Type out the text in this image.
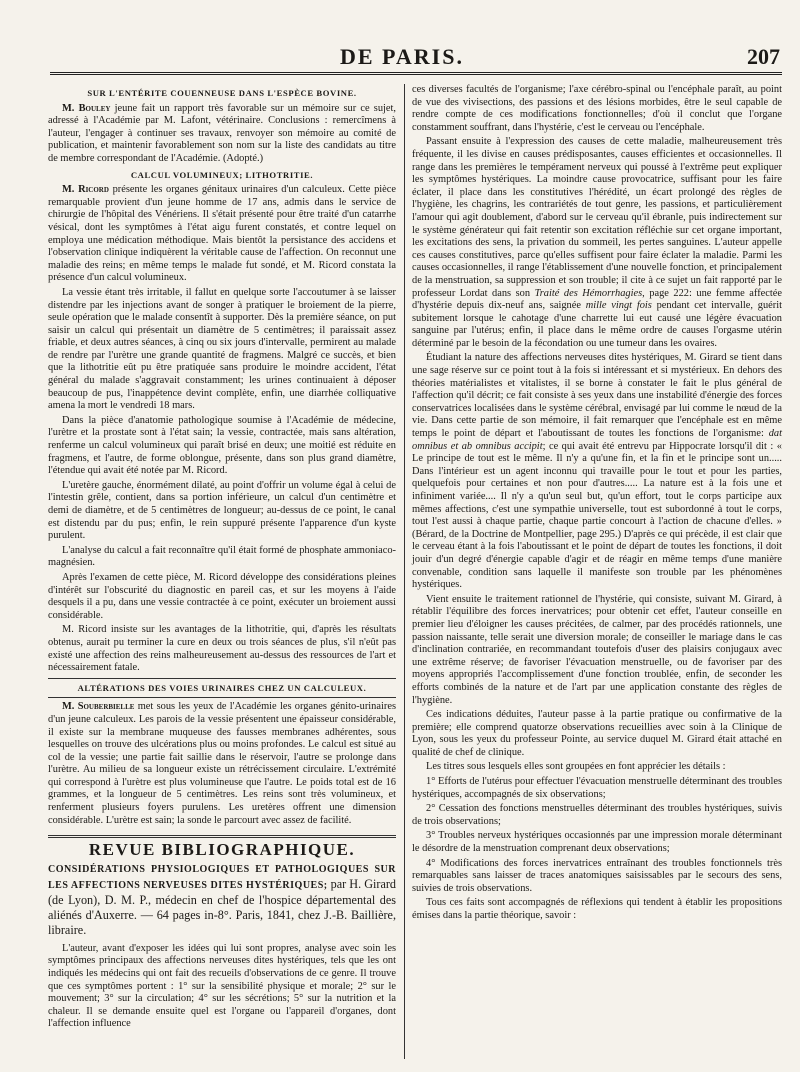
DE PARIS.	207
SUR L'ENTÉRITE COUENNEUSE DANS L'ESPÈCE BOVINE.

M. Bouley jeune fait un rapport très favorable sur un mémoire sur ce sujet, adressé à l'Académie par M. Lafont, vétérinaire. Conclusions : remercîmens à l'auteur, l'engager à continuer ses travaux, renvoyer son mémoire au comité de publication, et maintenir favorablement son nom sur la liste des candidats au titre de membre correspondant de l'Académie. (Adopté.)

CALCUL VOLUMINEUX; LITHOTRITIE.

M. Ricord présente les organes génitaux urinaires d'un calculeux. Cette pièce remarquable provient d'un jeune homme de 17 ans, admis dans le service de chirurgie de l'hôpital des Vénériens. Il s'était présenté pour être traité d'un catarrhe vésical, dont les symptômes à l'état aigu furent constatés, et contre lequel on employa une médication méthodique. Mais bientôt la persistance des accidens et l'observation clinique indiquèrent la véritable cause de l'affection. On reconnut une maladie des reins; en même temps le malade fut sondé, et M. Ricord constata la présence d'un calcul volumineux.

La vessie étant très irritable, il fallut en quelque sorte l'accoutumer à se laisser distendre par les injections avant de songer à pratiquer le broiement de la pierre, seule opération que le malade consentît à supporter. Dès la première séance, on put saisir un calcul qui présentait un diamètre de 5 centimètres; il paraissait assez friable, et deux autres séances, à cinq ou six jours d'intervalle, permirent au malade de rendre par l'urètre une grande quantité de fragmens. Malgré ce succès, et bien que la lithotritie eût pu être pratiquée sans produire le moindre accident, l'état général du malade s'aggravait constamment; les urines continuaient à déposer beaucoup de pus, l'inappétence devint complète, enfin, une diarrhée colliquative amena la mort le vendredi 18 mars.

Dans la pièce d'anatomie pathologique soumise à l'Académie de médecine, l'urètre et la prostate sont à l'état sain; la vessie, contractée, mais sans altération, renferme un calcul volumineux qui paraît brisé en deux; une moitié est réduite en fragmens, et l'autre, de forme oblongue, présente, dans son plus grand diamètre, l'étendue qui avait été notée par M. Ricord.

L'uretère gauche, énormément dilaté, au point d'offrir un volume égal à celui de l'intestin grêle, contient, dans sa portion inférieure, un calcul d'un centimètre et demi de diamètre, et de 5 centimètres de longueur; au-dessus de ce point, le canal est distendu par du pus; enfin, le rein suppuré présente l'apparence d'un kyste purulent.

L'analyse du calcul a fait reconnaître qu'il était formé de phosphate ammoniaco-magnésien.

Après l'examen de cette pièce, M. Ricord développe des considérations pleines d'intérêt sur l'obscurité du diagnostic en pareil cas, et sur les moyens à l'aide desquels il a pu, dans une vessie contractée à ce point, exécuter un broiement aussi considérable.

M. Ricord insiste sur les avantages de la lithotritie, qui, d'après les résultats obtenus, aurait pu terminer la cure en deux ou trois séances de plus, s'il n'eût pas existé une affection des reins malheureusement au-dessus des ressources de l'art et nécessairement fatale.

ALTÉRATIONS DES VOIES URINAIRES CHEZ UN CALCULEUX.

M. Souberbielle met sous les yeux de l'Académie les organes génito-urinaires d'un jeune calculeux. Les parois de la vessie présentent une épaisseur considérable, il existe sur la membrane muqueuse des fausses membranes adhérentes, sous lesquelles on trouve des ulcérations plus ou moins profondes. Le calcul est situé au col de la vessie; une partie fait saillie dans le réservoir, l'autre se prolonge dans l'urètre. Au milieu de sa longueur existe un rétrécissement circulaire. L'extrémité qui correspond à l'urètre est plus volumineuse que l'autre. Le poids total est de 16 grammes, et la longueur de 5 centimètres. Les reins sont très volumineux, et renferment plusieurs foyers purulens. Les uretères offrent une dimension considérable. L'urètre est sain; la sonde le parcourt avec assez de facilité.

REVUE BIBLIOGRAPHIQUE.
CONSIDÉRATIONS PHYSIOLOGIQUES ET PATHOLOGIQUES SUR LES AFFECTIONS NERVEUSES DITES HYSTÉRIQUES; par H. Girard (de Lyon), D. M. P., médecin en chef de l'hospice départemental des aliénés d'Auxerre. — 64 pages in-8°. Paris, 1841, chez J.-B. Baillière, libraire.

L'auteur, avant d'exposer les idées qui lui sont propres, analyse avec soin les symptômes principaux des affections nerveuses dites hystériques, tels que les ont indiqués les médecins qui ont fait des recueils d'observations de ce genre. Il trouve que ces symptômes portent : 1° sur la sensibilité physique et morale; 2° sur le mouvement; 3° sur la circulation; 4° sur les sécrétions; 5° sur la nutrition et la chaleur. Il se demande ensuite quel est l'organe ou l'appareil d'organes, dont l'affection influence

ces diverses facultés de l'organisme; l'axe cérébro-spinal ou l'encéphale paraît, au point de vue des vivisections, des passions et des lésions morbides, être le seul capable de rendre compte de ces modifications fonctionnelles; d'où il conclut que l'organe constamment souffrant, dans l'hystérie, c'est le cerveau ou l'encéphale.

Passant ensuite à l'expression des causes de cette maladie, malheureusement très fréquente, il les divise en causes prédisposantes, causes efficientes et occasionnelles. Il range dans les premières le tempérament nerveux qui poussé à l'extrême peut expliquer les symptômes hystériques. La moindre cause provocatrice, suffisant pour les faire éclater, il place dans les constitutives l'hérédité, un écart prolongé des règles de l'hygiène, les chagrins, les contrariétés de tout genre, les passions, et particulièrement l'amour qui agit doublement, d'abord sur le cerveau qu'il ébranle, puis indirectement sur le système générateur qui fait retentir son excitation réfléchie sur cet organe important, les excitations des sens, la privation du sommeil, les pertes sanguines. L'auteur appelle ces causes constitutives, parce qu'elles suffisent pour faire éclater la maladie. Parmi les causes occasionnelles, il range l'établissement d'une nouvelle fonction, et principalement de la menstruation, sa suppression et son trouble; il cite à ce sujet un fait rapporté par le professeur Lordat dans son Traité des Hémorrhagies, page 222: une femme affectée d'hystérie depuis dix-neuf ans, saignée mille vingt fois pendant cet intervalle, guérit subitement lorsque le cahotage d'une charrette lui eut causé une légère évacuation sanguine par l'utérus; enfin, il place dans le même ordre de causes l'orgasme utérin déterminé par le besoin de la fécondation ou une tumeur dans les ovaires.

Étudiant la nature des affections nerveuses dites hystériques, M. Girard se tient dans une sage réserve sur ce point tout à la fois si intéressant et si mystérieux. En dehors des théories matérialistes et vitalistes, il se borne à constater le fait le plus général de l'affection qu'il décrit; ce fait consiste à ses yeux dans une instabilité d'énergie des forces conservatrices localisées dans le système cérébral, envisagé par lui comme le nœud de la vie. Dans cette partie de son mémoire, il fait remarquer que l'encéphale est en même temps le point de départ et l'aboutissant de toutes les fonctions de l'organisme: dat omnibus et ab omnibus accipit; ce qui avait été entrevu par Hippocrate lorsqu'il dit : « Le principe de tout est le même. Il n'y a qu'une fin, et la fin et le principe sont un..... Dans l'intérieur est un agent inconnu qui travaille pour le tout et pour les parties, quelquefois pour certaines et non pour d'autres..... La nature est à la fois une et infiniment variée.... Il n'y a qu'un seul but, qu'un effort, tout le corps participe aux mêmes affections, c'est une sympathie universelle, tout est subordonné à tout le corps, tout l'est aussi à chaque partie, chaque partie concourt à l'action de chacune d'elles. » (Bérard, de la Doctrine de Montpellier, page 295.) D'après ce qui précède, il est clair que le cerveau étant à la fois l'aboutissant et le point de départ de toutes les fonctions, il doit jouir d'un degré d'énergie capable d'agir et de réagir en même temps d'une manière convenable, condition sans laquelle il manifeste son trouble par les phénomènes hystériques.

Vient ensuite le traitement rationnel de l'hystérie, qui consiste, suivant M. Girard, à rétablir l'équilibre des forces inervatrices; pour obtenir cet effet, l'auteur conseille en premier lieu d'éloigner les causes précitées, de calmer, par des procédés rationnels, une passion naissante, telle serait une diversion morale; de conseiller le mariage dans le cas d'inclination contrariée, en recommandant toutefois d'user des plaisirs conjugaux avec une extrême réserve; de favoriser l'évacuation menstruelle, ou de favoriser par des moyens appropriés l'accomplissement d'une fonction troublée, enfin, de seconder les efforts combinés de la nature et de l'art par une application constante des règles de l'hygiène.

Ces indications déduites, l'auteur passe à la partie pratique ou confirmative de la première; elle comprend quatorze observations recueillies avec soin à la Clinique de Lyon, sous les yeux du professeur Pointe, au service duquel M. Girard était attaché en qualité de chef de clinique.

Les titres sous lesquels elles sont groupées en font apprécier les détails :

1° Efforts de l'utérus pour effectuer l'évacuation menstruelle déterminant des troubles hystériques, accompagnés de six observations;

2° Cessation des fonctions menstruelles déterminant des troubles hystériques, suivis de trois observations;

3° Troubles nerveux hystériques occasionnés par une impression morale déterminant le désordre de la menstruation comprenant deux observations;

4° Modifications des forces inervatrices entraînant des troubles fonctionnels très remarquables sans laisser de traces anatomiques saisissables par le secours des sens, suivies de trois observations.

Tous ces faits sont accompagnés de réflexions qui tendent à établir les propositions émises dans la partie théorique, savoir :
